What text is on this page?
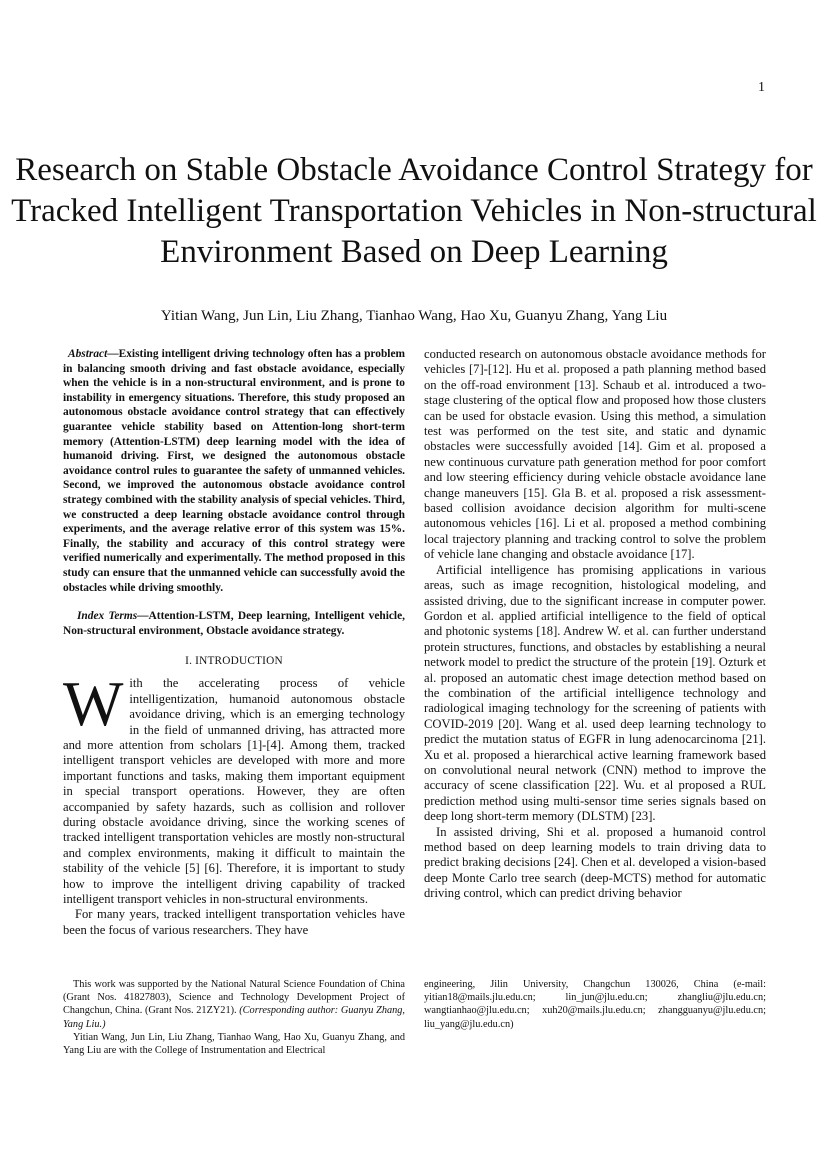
1
Research on Stable Obstacle Avoidance Control Strategy for Tracked Intelligent Transportation Vehicles in Non-structural Environment Based on Deep Learning
Yitian Wang, Jun Lin, Liu Zhang, Tianhao Wang, Hao Xu, Guanyu Zhang, Yang Liu

Abstract—Existing intelligent driving technology often has a problem in balancing smooth driving and fast obstacle avoidance, especially when the vehicle is in a non-structural environment, and is prone to instability in emergency situations. Therefore, this study proposed an autonomous obstacle avoidance control strategy that can effectively guarantee vehicle stability based on Attention-long short-term memory (Attention-LSTM) deep learning model with the idea of humanoid driving. First, we designed the autonomous obstacle avoidance control rules to guarantee the safety of unmanned vehicles. Second, we improved the autonomous obstacle avoidance control strategy combined with the stability analysis of special vehicles. Third, we constructed a deep learning obstacle avoidance control through experiments, and the average relative error of this system was 15%. Finally, the stability and accuracy of this control strategy were verified numerically and experimentally. The method proposed in this study can ensure that the unmanned vehicle can successfully avoid the obstacles while driving smoothly.

Index Terms—Attention-LSTM, Deep learning, Intelligent vehicle, Non-structural environment, Obstacle avoidance strategy.

I. INTRODUCTION

With the accelerating process of vehicle intelligentization, humanoid autonomous obstacle avoidance driving, which is an emerging technology in the field of unmanned driving, has attracted more and more attention from scholars [1]-[4]. Among them, tracked intelligent transport vehicles are developed with more and more important functions and tasks, making them important equipment in special transport operations. However, they are often accompanied by safety hazards, such as collision and rollover during obstacle avoidance driving, since the working scenes of tracked intelligent transportation vehicles are mostly non-structural and complex environments, making it difficult to maintain the stability of the vehicle [5] [6]. Therefore, it is important to study how to improve the intelligent driving capability of tracked intelligent transport vehicles in non-structural environments.

For many years, tracked intelligent transportation vehicles have been the focus of various researchers. They have

conducted research on autonomous obstacle avoidance methods for vehicles [7]-[12]. Hu et al. proposed a path planning method based on the off-road environment [13]. Schaub et al. introduced a two-stage clustering of the optical flow and proposed how those clusters can be used for obstacle evasion. Using this method, a simulation test was performed on the test site, and static and dynamic obstacles were successfully avoided [14]. Gim et al. proposed a new continuous curvature path generation method for poor comfort and low steering efficiency during vehicle obstacle avoidance lane change maneuvers [15]. Gla B. et al. proposed a risk assessment-based collision avoidance decision algorithm for multi-scene autonomous vehicles [16]. Li et al. proposed a method combining local trajectory planning and tracking control to solve the problem of vehicle lane changing and obstacle avoidance [17].

Artificial intelligence has promising applications in various areas, such as image recognition, histological modeling, and assisted driving, due to the significant increase in computer power. Gordon et al. applied artificial intelligence to the field of optical and photonic systems [18]. Andrew W. et al. can further understand protein structures, functions, and obstacles by establishing a neural network model to predict the structure of the protein [19]. Ozturk et al. proposed an automatic chest image detection method based on the combination of the artificial intelligence technology and radiological imaging technology for the screening of patients with COVID-2019 [20]. Wang et al. used deep learning technology to predict the mutation status of EGFR in lung adenocarcinoma [21]. Xu et al. proposed a hierarchical active learning framework based on convolutional neural network (CNN) method to improve the accuracy of scene classification [22]. Wu. et al proposed a RUL prediction method using multi-sensor time series signals based on deep long short-term memory (DLSTM) [23].

In assisted driving, Shi et al. proposed a humanoid control method based on deep learning models to train driving data to predict braking decisions [24]. Chen et al. developed a vision-based deep Monte Carlo tree search (deep-MCTS) method for automatic driving control, which can predict driving behavior

This work was supported by the National Natural Science Foundation of China (Grant Nos. 41827803), Science and Technology Development Project of Changchun, China. (Grant Nos. 21ZY21). (Corresponding author: Guanyu Zhang, Yang Liu.)

Yitian Wang, Jun Lin, Liu Zhang, Tianhao Wang, Hao Xu, Guanyu Zhang, and Yang Liu are with the College of Instrumentation and Electrical

engineering, Jilin University, Changchun 130026, China (e-mail: yitian18@mails.jlu.edu.cn; lin_jun@jlu.edu.cn; zhangliu@jlu.edu.cn; wangtianhao@jlu.edu.cn; xuh20@mails.jlu.edu.cn; zhangguanyu@jlu.edu.cn; liu_yang@jlu.edu.cn)
